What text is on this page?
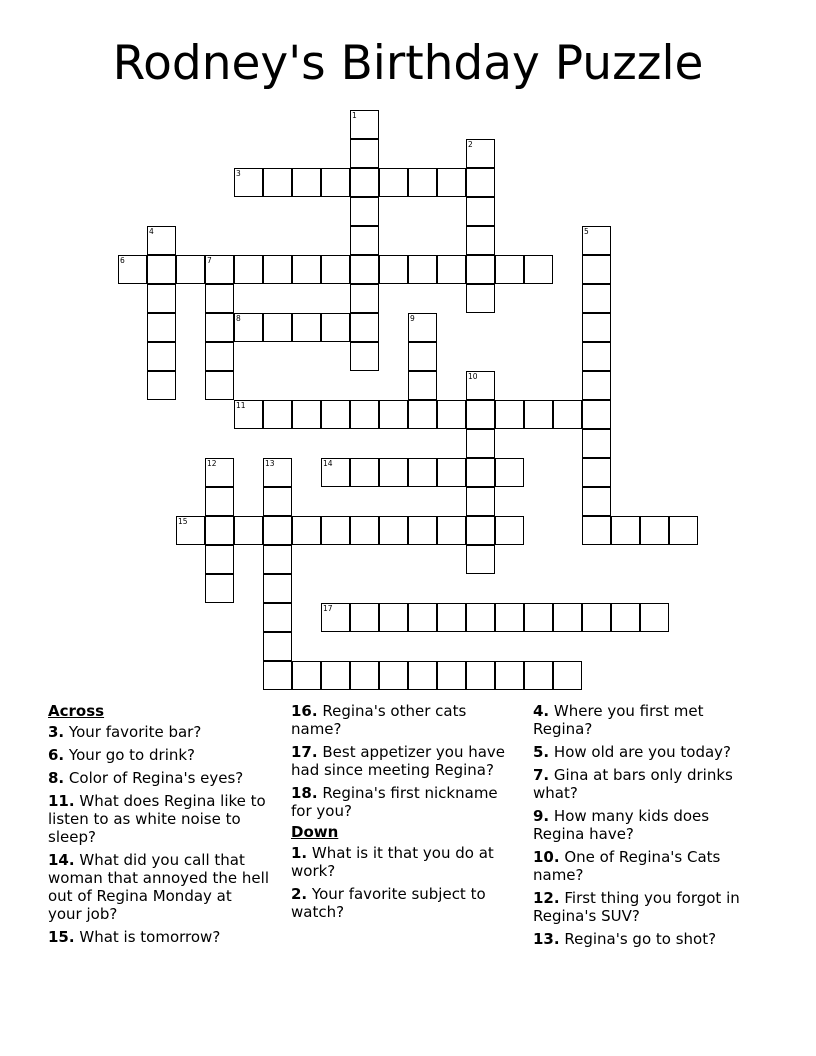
Rodney's Birthday Puzzle
1
3
2
6	7
4	5
8	9
10
11
12	13	14
15
17
Across
3. Your favorite bar?
6. Your go to drink?
8. Color of Regina's eyes?
11. What does Regina like to listen to as white noise to sleep?
14. What did you call that woman that annoyed the hell out of Regina Monday at your job?
15. What is tomorrow?
16. Regina's other cats name?
17. Best appetizer you have had since meeting Regina?
18. Regina's first nickname for you?
Down
1. What is it that you do at work?
2. Your favorite subject to watch?
4. Where you first met Regina?
5. How old are you today?
7. Gina at bars only drinks what?
9. How many kids does Regina have?
10. One of Regina's Cats name?
12. First thing you forgot in Regina's SUV?
13. Regina's go to shot?
